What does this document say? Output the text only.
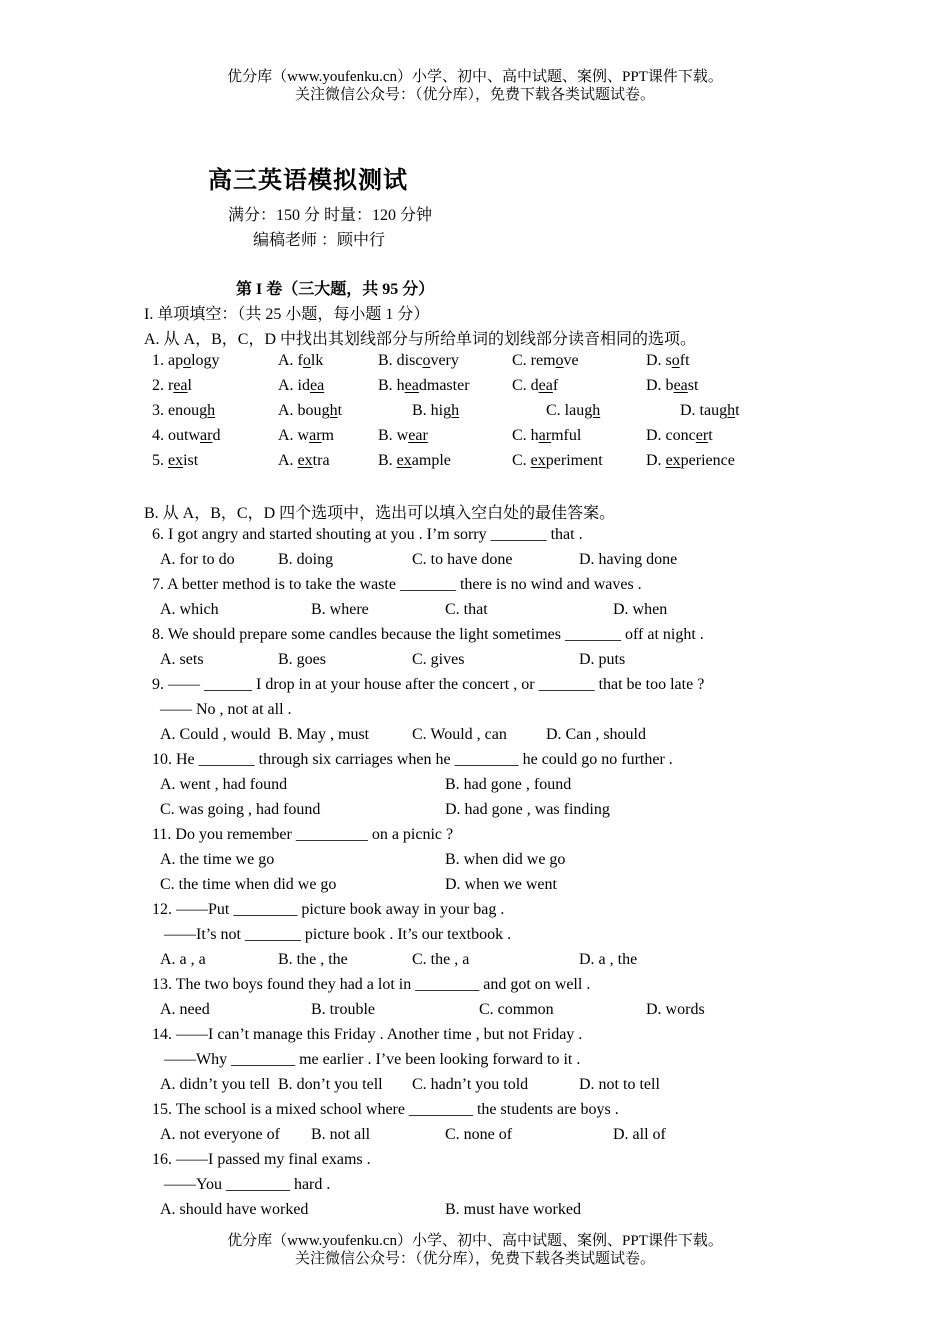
优分库（www.youfenku.cn）小学、初中、高中试题、案例、PPT课件下载。
关注微信公众号：（优分库），免费下载各类试题试卷。
高三英语模拟测试
满分：150 分 时量：120 分钟
编稿老师 ：顾中行
第 I 卷（三大题，共 95 分）
I. 单项填空：（共 25 小题，每小题 1 分）
A. 从 A，B，C，D 中找出其划线部分与所给单词的划线部分读音相同的选项。
1. apology	A. folk	B. discovery	C. remove	D. soft
2. real	A. idea	B. headmaster	C. deaf	D. beast
3. enough	A. bought	B. high	C. laugh	D. taught
4. outward	A. warm	B. wear	C. harmful	D. concert
5. exist	A. extra	B. example	C. experiment	D. experience
B. 从 A，B，C，D 四个选项中，选出可以填入空白处的最佳答案。
6. I got angry and started shouting at you . I’m sorry _______ that .
A. for to do	B. doing	C. to have done	D. having done
7. A better method is to take the waste _______ there is no wind and waves .
A. which	B. where	C. that	D. when
8. We should prepare some candles because the light sometimes _______ off at night .
A. sets	B. goes	C. gives	D. puts
9. —— ______ I drop in at your house after the concert , or _______ that be too late ?
—— No , not at all .
A. Could , would B. May , must	C. Would , can D. Can , should
10. He _______ through six carriages when he ________ he could go no further .
A. went , had found	B. had gone , found
C. was going , had found	D. had gone , was finding
11. Do you remember _________ on a picnic ?
A. the time we go	B. when did we go
C. the time when did we go	D. when we went
12. ——Put ________ picture book away in your bag .
——It’s not _______ picture book . It’s our textbook .
A. a , a	B. the , the	C. the , a	D. a , the
13. The two boys found they had a lot in ________ and got on well .
A. need	B. trouble	C. common	D. words
14. ——I can’t manage this Friday . Another time , but not Friday .
——Why ________ me earlier . I’ve been looking forward to it .
A. didn’t you tell B. don’t you tell C. hadn’t you told	D. not to tell
15. The school is a mixed school where ________ the students are boys .
A. not everyone of B. not all	C. none of	D. all of
16. ——I passed my final exams .
——You ________ hard .
A. should have worked	B. must have worked
优分库（www.youfenku.cn）小学、初中、高中试题、案例、PPT课件下载。
关注微信公众号：（优分库），免费下载各类试题试卷。
